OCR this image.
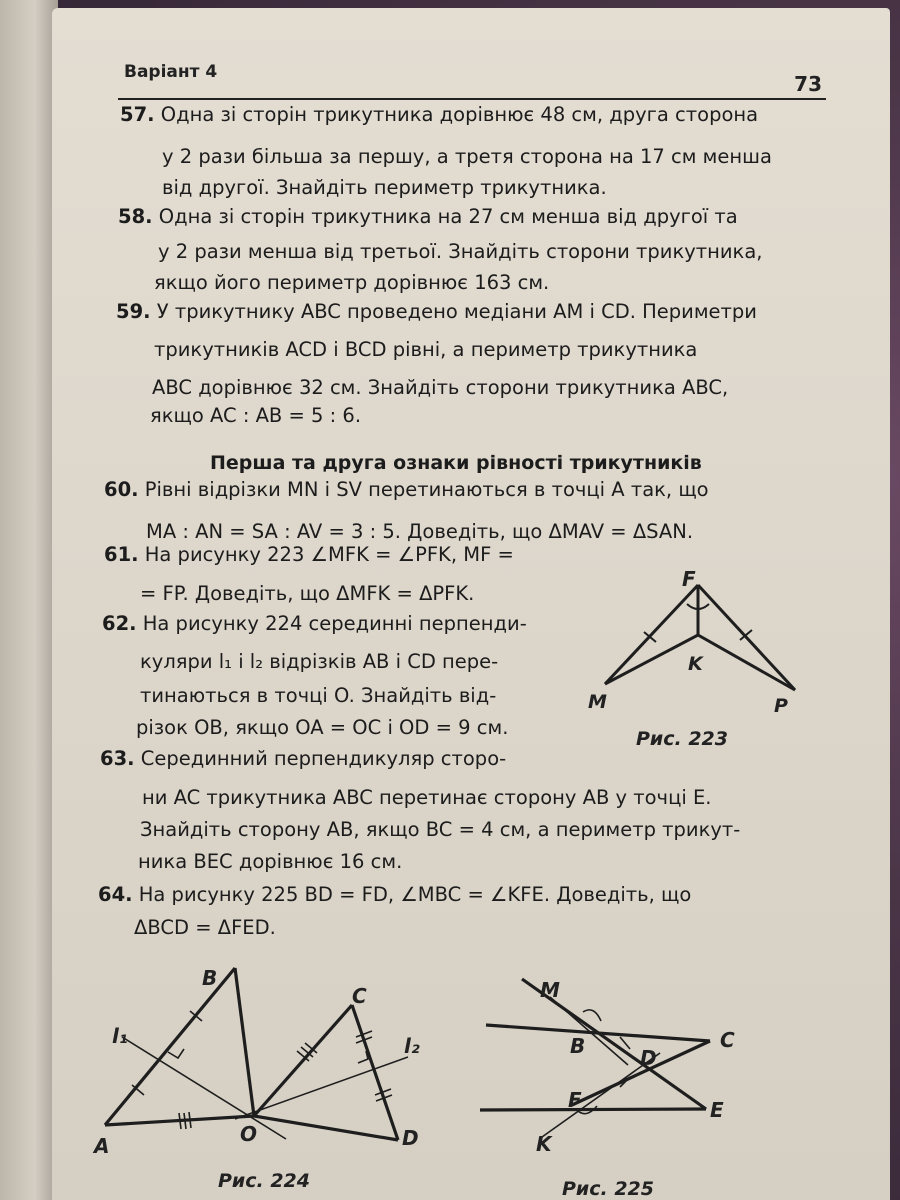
Варіант 4	73
57. Одна зі сторін трикутника дорівнює 48 см, друга сторона
у 2 рази більша за першу, а третя сторона на 17 см менша
від другої. Знайдіть периметр трикутника.
58. Одна зі сторін трикутника на 27 см менша від другої та
у 2 рази менша від третьої. Знайдіть сторони трикутника,
якщо його периметр дорівнює 163 см.
59. У трикутнику ABC проведено медіани AM і CD. Периметри
трикутників ACD і BCD рівні, а периметр трикутника
ABC дорівнює 32 см. Знайдіть сторони трикутника ABC,
якщо AC : AB = 5 : 6.
Перша та друга ознаки рівності трикутників
60. Рівні відрізки MN і SV перетинаються в точці A так, що
MA : AN = SA : AV = 3 : 5. Доведіть, що ΔMAV = ΔSAN.
61. На рисунку 223 ∠MFK = ∠PFK, MF =
= FP. Доведіть, що ΔMFK = ΔPFK.
62. На рисунку 224 серединні перпенди-
куляри l₁ і l₂ відрізків AB і CD пере-
тинаються в точці O. Знайдіть від-
різок OB, якщо OA = OC і OD = 9 см.
63. Серединний перпендикуляр сторо-
ни AC трикутника ABC перетинає сторону AB у точці E.
Знайдіть сторону AB, якщо BC = 4 см, а периметр трикут-
ника BEC дорівнює 16 см.
64. На рисунку 225 BD = FD, ∠MBC = ∠KFE. Доведіть, що
ΔBCD = ΔFED.
F
K
M	P
Рис. 223
B
C
l₁	l₂
A	O	D
Рис. 224
M
C
B	D
F	E
K
Рис. 225
